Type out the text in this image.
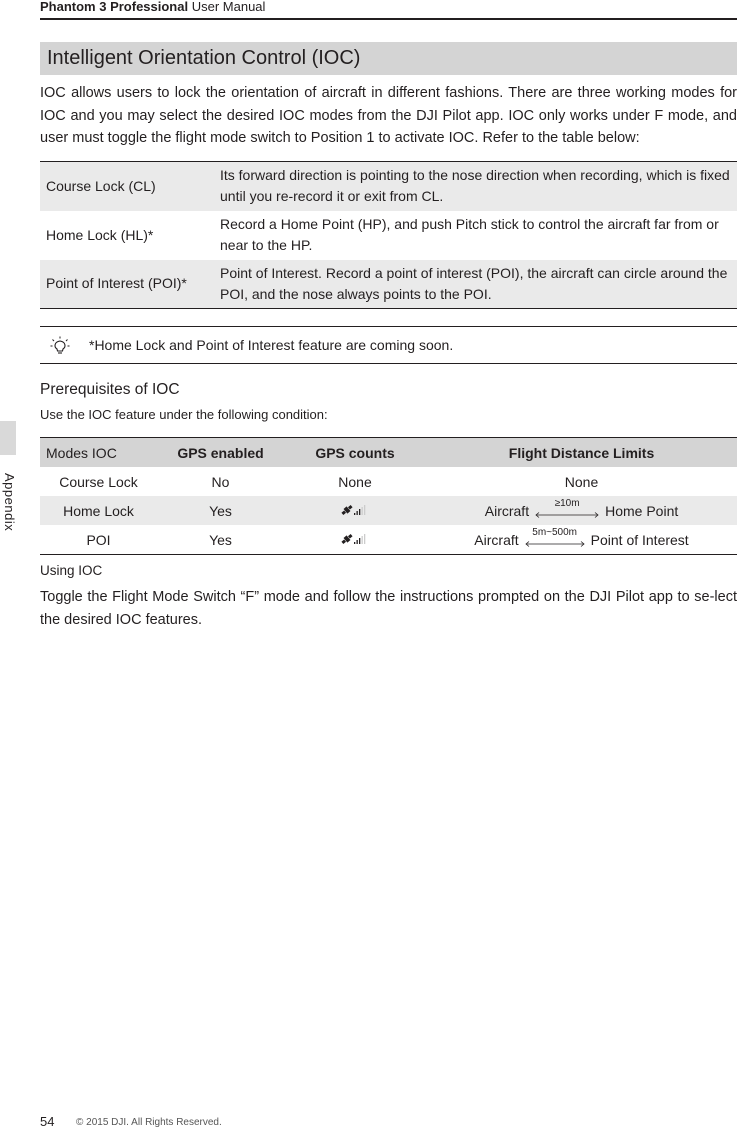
Phantom 3 Professional User Manual
Appendix
Intelligent Orientation Control (IOC)
IOC allows users to lock the orientation of aircraft in different fashions. There are three working modes for IOC and you may select the desired IOC modes from the DJI Pilot app. IOC only works under F mode, and user must toggle the flight mode switch to Position 1 to activate IOC. Refer to the table below:
Course Lock (CL)	Its forward direction is pointing to the nose direction when recording, which is fixed until you re-record it or exit from CL.
Home Lock (HL)*	Record a Home Point (HP), and push Pitch stick to control the aircraft far from or near to the HP.
Point of Interest (POI)*	Point of Interest. Record a point of interest (POI), the aircraft can circle around the POI, and the nose always points to the POI.
*Home Lock and Point of Interest feature are coming soon.
Prerequisites of IOC
Use the IOC feature under the following condition:
Modes IOC	GPS enabled	GPS counts	Flight Distance Limits
Course Lock	No	None	None
Home Lock	Yes		Aircraft ≥10m Home Point

POI	Yes		Aircraft 5m~500m Point of Interest
Using IOC
Toggle the Flight Mode Switch “F” mode and follow the instructions prompted on the DJI Pilot app to se-lect the desired IOC features.
54 © 2015 DJI. All Rights Reserved.
